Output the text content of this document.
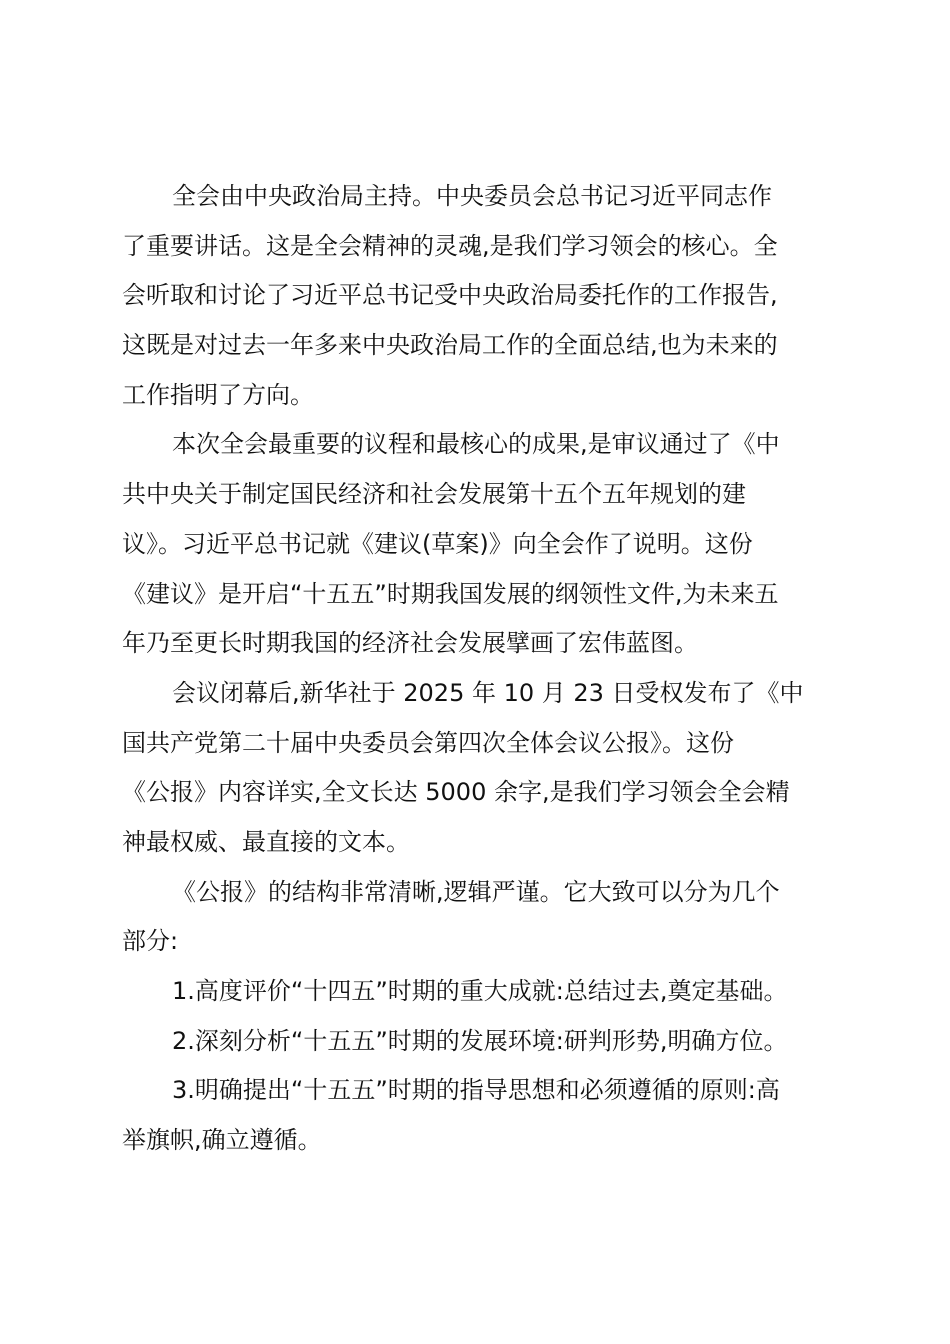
全会由中央政治局主持。中央委员会总书记习近平同志作
了重要讲话。这是全会精神的灵魂,是我们学习领会的核心。全
会听取和讨论了习近平总书记受中央政治局委托作的工作报告,
这既是对过去一年多来中央政治局工作的全面总结,也为未来的
工作指明了方向。
本次全会最重要的议程和最核心的成果,是审议通过了《中
共中央关于制定国民经济和社会发展第十五个五年规划的建
议》。习近平总书记就《建议(草案)》向全会作了说明。这份
《建议》是开启“十五五”时期我国发展的纲领性文件,为未来五
年乃至更长时期我国的经济社会发展擘画了宏伟蓝图。
会议闭幕后,新华社于 2025 年 10 月 23 日受权发布了《中
国共产党第二十届中央委员会第四次全体会议公报》。这份
《公报》内容详实,全文长达 5000 余字,是我们学习领会全会精
神最权威、最直接的文本。
《公报》的结构非常清晰,逻辑严谨。它大致可以分为几个
部分:
1.高度评价“十四五”时期的重大成就:总结过去,奠定基础。
2.深刻分析“十五五”时期的发展环境:研判形势,明确方位。
3.明确提出“十五五”时期的指导思想和必须遵循的原则:高
举旗帜,确立遵循。
